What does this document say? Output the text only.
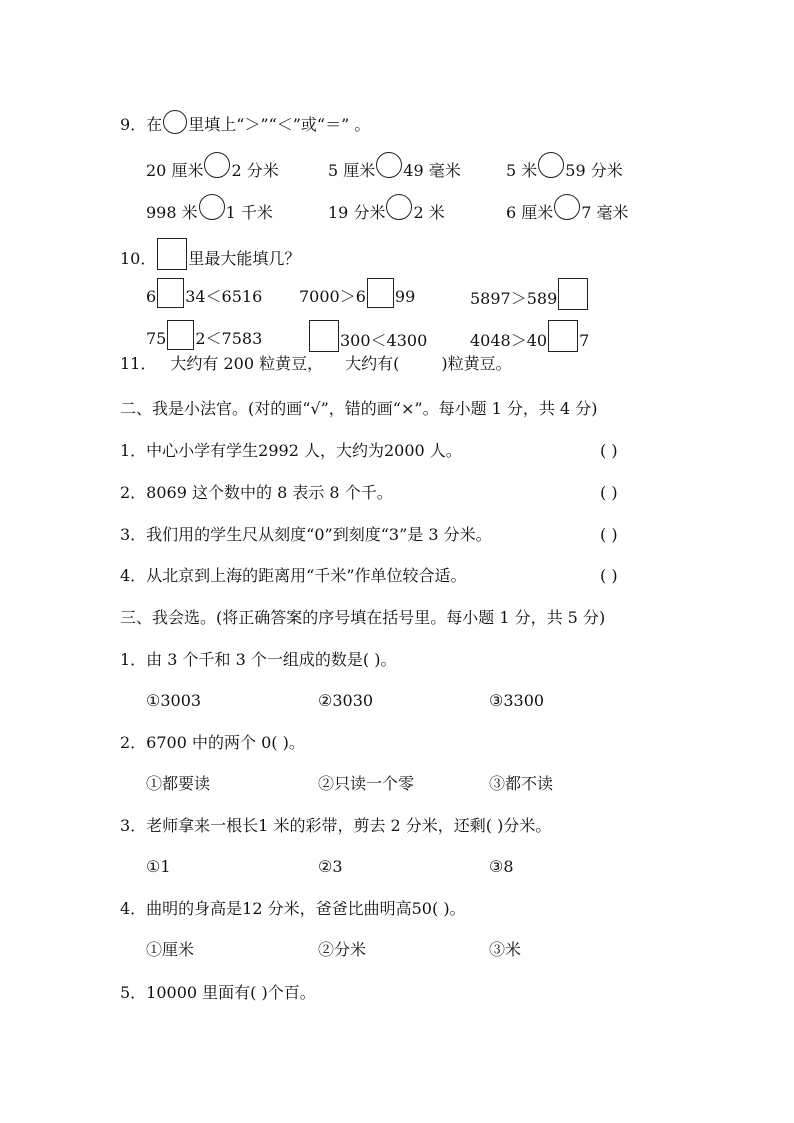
9．在 里填上“＞”“＜”或“＝” 。
20 厘米 2 分米	5 厘米 49 毫米	5 米 59 分米
998 米 1 千米	19 分米 2 米	6 厘米 7 毫米
10． 里最大能填几？
6 34＜6516 7000＞6 99	5897＞589
75 2＜7583	300＜4300	4048＞40 7
11． 大约有 200 粒黄豆， 大约有(	)粒黄豆。
二、我是小法官。(对的画“√”，错的画“×”。每小题 1 分，共 4 分)
1．中心小学有学生2992 人，大约为2000 人。	( )
2．8069 这个数中的 8 表示 8 个千。	( )
3．我们用的学生尺从刻度“0”到刻度“3”是 3 分米。	( )
4．从北京到上海的距离用“千米”作单位较合适。	( )
三、我会选。(将正确答案的序号填在括号里。每小题 1 分，共 5 分)
1．由 3 个千和 3 个一组成的数是( )。
①3003	②3030	③3300
2．6700 中的两个 0( )。
①都要读	②只读一个零	③都不读
3．老师拿来一根长1 米的彩带，剪去 2 分米，还剩( )分米。
①1	②3	③8
4．曲明的身高是12 分米，爸爸比曲明高50( )。
①厘米	②分米	③米
5．10000 里面有( )个百。
